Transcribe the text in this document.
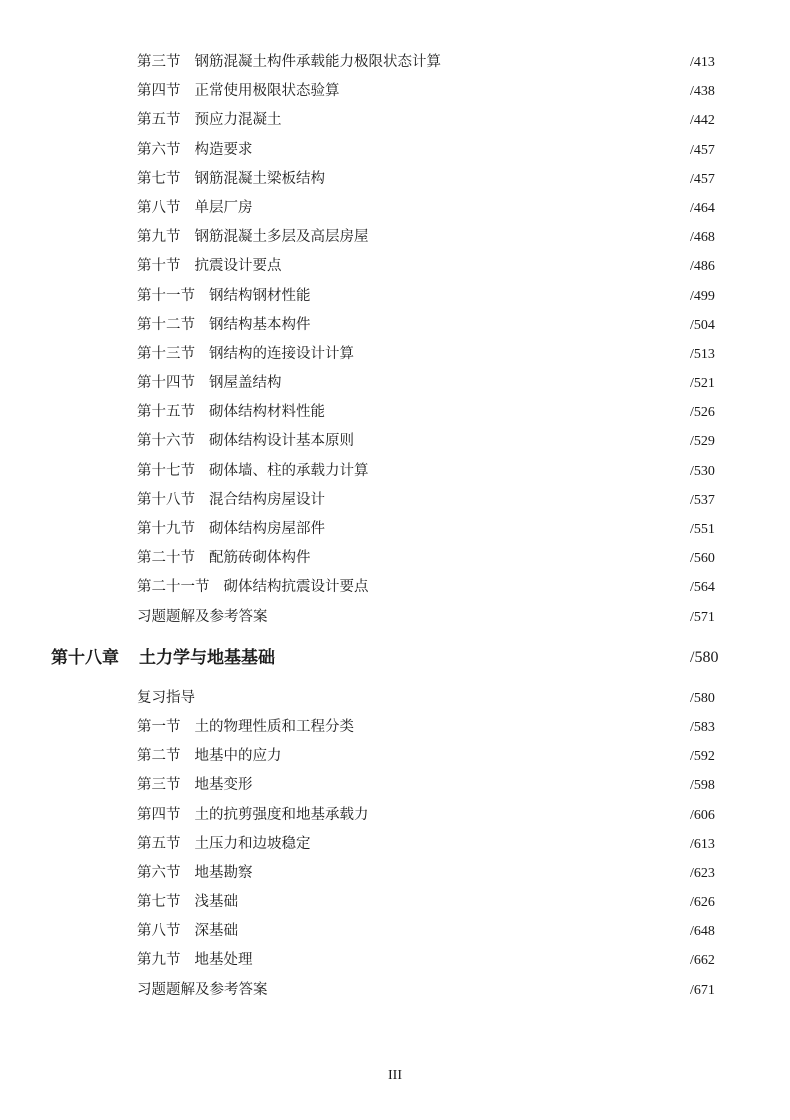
第三节 钢筋混凝土构件承载能力极限状态计算	/413
第四节 正常使用极限状态验算	/438
第五节 预应力混凝土	/442
第六节 构造要求	/457
第七节 钢筋混凝土梁板结构	/457
第八节 单层厂房	/464
第九节 钢筋混凝土多层及高层房屋	/468
第十节 抗震设计要点	/486
第十一节 钢结构钢材性能	/499
第十二节 钢结构基本构件	/504
第十三节 钢结构的连接设计计算	/513
第十四节 钢屋盖结构	/521
第十五节 砌体结构材料性能	/526
第十六节 砌体结构设计基本原则	/529
第十七节 砌体墙、柱的承载力计算	/530
第十八节 混合结构房屋设计	/537
第十九节 砌体结构房屋部件	/551
第二十节 配筋砖砌体构件	/560
第二十一节 砌体结构抗震设计要点	/564
习题题解及参考答案	/571
第十八章 土力学与地基基础	/580
复习指导	/580
第一节 土的物理性质和工程分类	/583
第二节 地基中的应力	/592
第三节 地基变形	/598
第四节 土的抗剪强度和地基承载力	/606
第五节 土压力和边坡稳定	/613
第六节 地基勘察	/623
第七节 浅基础	/626
第八节 深基础	/648
第九节 地基处理	/662
习题题解及参考答案	/671
III
